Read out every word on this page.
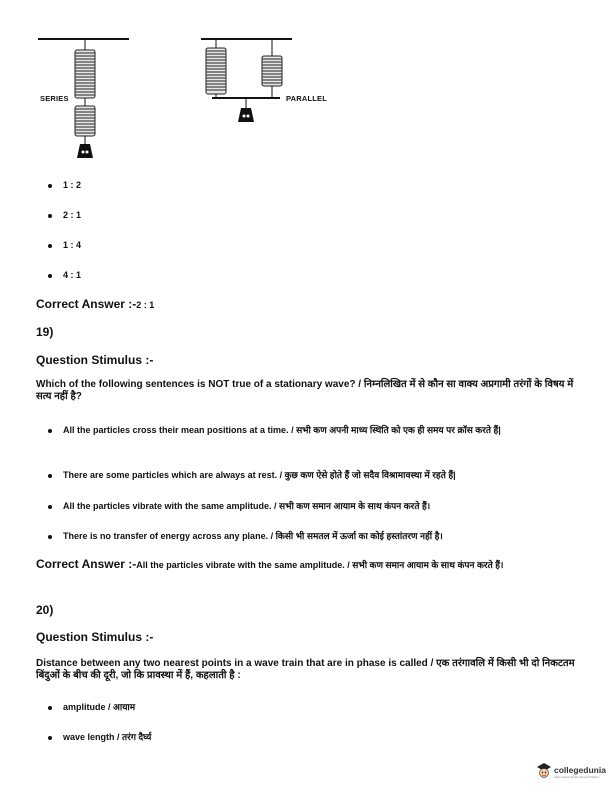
SERIES	PARALLEL
1 : 2
2 : 1
1 : 4
4 : 1
Correct Answer :-2 : 1
19)
Question Stimulus :-
Which of the following sentences is NOT true of a stationary wave? / निम्नलिखित में से कौन सा वाक्य अप्रगामी तरंगों के विषय में सत्य नहीं है?
All the particles cross their mean positions at a time. / सभी कण अपनी माध्य स्थिति को एक ही समय पर क्रॉस करते हैं|
There are some particles which are always at rest. / कुछ कण ऐसे होते हैं जो सदैव विश्रामावस्था में रहते हैं|
All the particles vibrate with the same amplitude. / सभी कण समान आयाम के साथ कंपन करते हैं।
There is no transfer of energy across any plane. / किसी भी समतल में ऊर्जा का कोई हस्तांतरण नहीं है।
Correct Answer :-All the particles vibrate with the same amplitude. / सभी कण समान आयाम के साथ कंपन करते हैं।
20)
Question Stimulus :-
Distance between any two nearest points in a wave train that are in phase is called / एक तरंगावलि में किसी भी दो निकटतम बिंदुओं के बीच की दूरी, जो कि प्रावस्था में हैं, कहलाती है :
amplitude / आयाम
wave length / तरंग दैर्घ्य
collegedunia
India's largest Student Review Platform
